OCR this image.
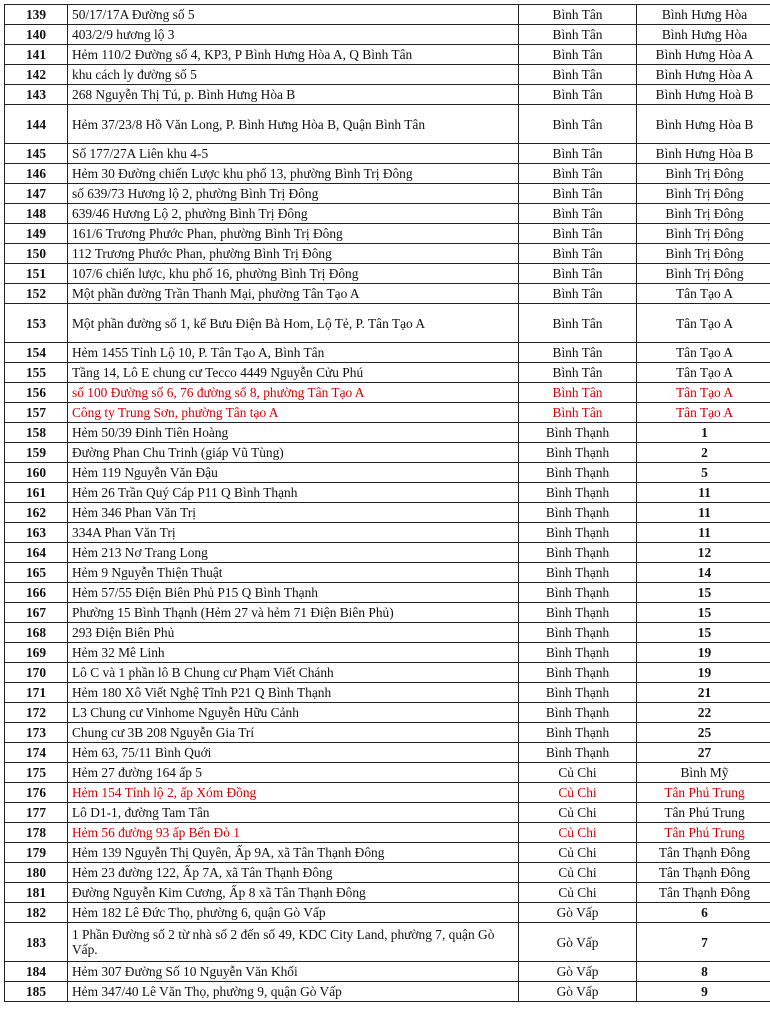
139	50/17/17A Đường số 5	Bình Tân	Bình Hưng Hòa
140	403/2/9 hương lộ 3	Bình Tân	Bình Hưng Hòa
141	Hẻm 110/2 Đường số 4, KP3, P Bình Hưng Hòa A, Q Bình Tân	Bình Tân	Bình Hưng Hòa A
142	khu cách ly đường số 5	Bình Tân	Bình Hưng Hòa A
143	268 Nguyễn Thị Tú, p. Bình Hưng Hòa B	Bình Tân	Bình Hưng Hoà B
144	Hẻm 37/23/8 Hồ Văn Long, P. Bình Hưng Hòa B, Quận Bình Tân	Bình Tân	Bình Hưng Hòa B
145	Số 177/27A Liên khu 4-5	Bình Tân	Bình Hưng Hòa B
146	Hẻm 30 Đường chiến Lược khu phố 13, phường Bình Trị Đông	Bình Tân	Bình Trị Đông
147	số 639/73 Hương lộ 2, phường Bình Trị Đông	Bình Tân	Bình Trị Đông
148	639/46 Hương Lộ 2, phường Bình Trị Đông	Bình Tân	Bình Trị Đông
149	161/6 Trương Phước Phan, phường Bình Trị Đông	Bình Tân	Bình Trị Đông
150	112 Trương Phước Phan, phường Bình Trị Đông	Bình Tân	Bình Trị Đông
151	107/6 chiến lược, khu phố 16, phường Bình Trị Đông	Bình Tân	Bình Trị Đông
152	Một phần đường Trần Thanh Mại, phường Tân Tạo A	Bình Tân	Tân Tạo A
153	Một phần đường số 1, kế Bưu Điện Bà Hom, Lộ Tẻ, P. Tân Tạo A	Bình Tân	Tân Tạo A
154	Hẻm 1455 Tỉnh Lộ 10, P. Tân Tạo A, Bình Tân	Bình Tân	Tân Tạo A
155	Tầng 14, Lô E chung cư Tecco 4449 Nguyễn Cửu Phú	Bình Tân	Tân Tạo A
156	số 100 Đường số 6, 76 đường số 8, phường Tân Tạo A	Bình Tân	Tân Tạo A
157	Công ty Trung Sơn, phường Tân tạo A	Bình Tân	Tân Tạo A
158	Hẻm 50/39 Đinh Tiên Hoàng	Bình Thạnh	1
159	Đường Phan Chu Trinh (giáp Vũ Tùng)	Bình Thạnh	2
160	Hẻm 119 Nguyễn Văn Đậu	Bình Thạnh	5
161	Hẻm 26 Trần Quý Cáp P11 Q Bình Thạnh	Bình Thạnh	11
162	Hẻm 346 Phan Văn Trị	Bình Thạnh	11
163	334A Phan Văn Trị	Bình Thạnh	11
164	Hẻm 213 Nơ Trang Long	Bình Thạnh	12
165	Hẻm 9 Nguyễn Thiện Thuật	Bình Thạnh	14
166	Hẻm 57/55 Điện Biên Phủ P15 Q Bình Thạnh	Bình Thạnh	15
167	Phường 15 Bình Thạnh (Hẻm 27 và hẻm 71 Điện Biên Phủ)	Bình Thạnh	15
168	293 Điện Biên Phủ	Bình Thạnh	15
169	Hẻm 32 Mê Linh	Bình Thạnh	19
170	Lô C và 1 phần lô B Chung cư Phạm Viết Chánh	Bình Thạnh	19
171	Hẻm 180 Xô Viết Nghệ Tĩnh P21 Q Bình Thạnh	Bình Thạnh	21
172	L3 Chung cư Vinhome Nguyễn Hữu Cảnh	Bình Thạnh	22
173	Chung cư 3B 208 Nguyễn Gia Trí	Bình Thạnh	25
174	Hẻm 63, 75/11 Bình Quới	Bình Thạnh	27
175	Hẻm 27 đường 164 ấp 5	Củ Chi	Bình Mỹ
176	Hẻm 154 Tỉnh lộ 2, ấp Xóm Đồng	Củ Chi	Tân Phú Trung
177	Lô D1-1, đường Tam Tân	Củ Chi	Tân Phú Trung
178	Hẻm 56 đường 93 ấp Bến Đò 1	Củ Chi	Tân Phú Trung
179	Hẻm 139 Nguyễn Thị Quyên, Ấp 9A, xã Tân Thạnh Đông	Củ Chi	Tân Thạnh Đông
180	Hẻm 23 đường 122, Ấp 7A, xã Tân Thạnh Đông	Củ Chi	Tân Thạnh Đông
181	Đường Nguyễn Kim Cương, Ấp 8 xã Tân Thạnh Đông	Củ Chi	Tân Thạnh Đông
182	Hẻm 182 Lê Đức Thọ, phường 6, quận Gò Vấp	Gò Vấp	6
183	1 Phần Đường số 2 từ nhà số 2 đến số 49, KDC City Land, phường 7, quận Gò Vấp.	Gò Vấp	7
184	Hẻm 307 Đường Số 10 Nguyễn Văn Khối	Gò Vấp	8
185	Hẻm 347/40 Lê Văn Thọ, phường 9, quận Gò Vấp	Gò Vấp	9
